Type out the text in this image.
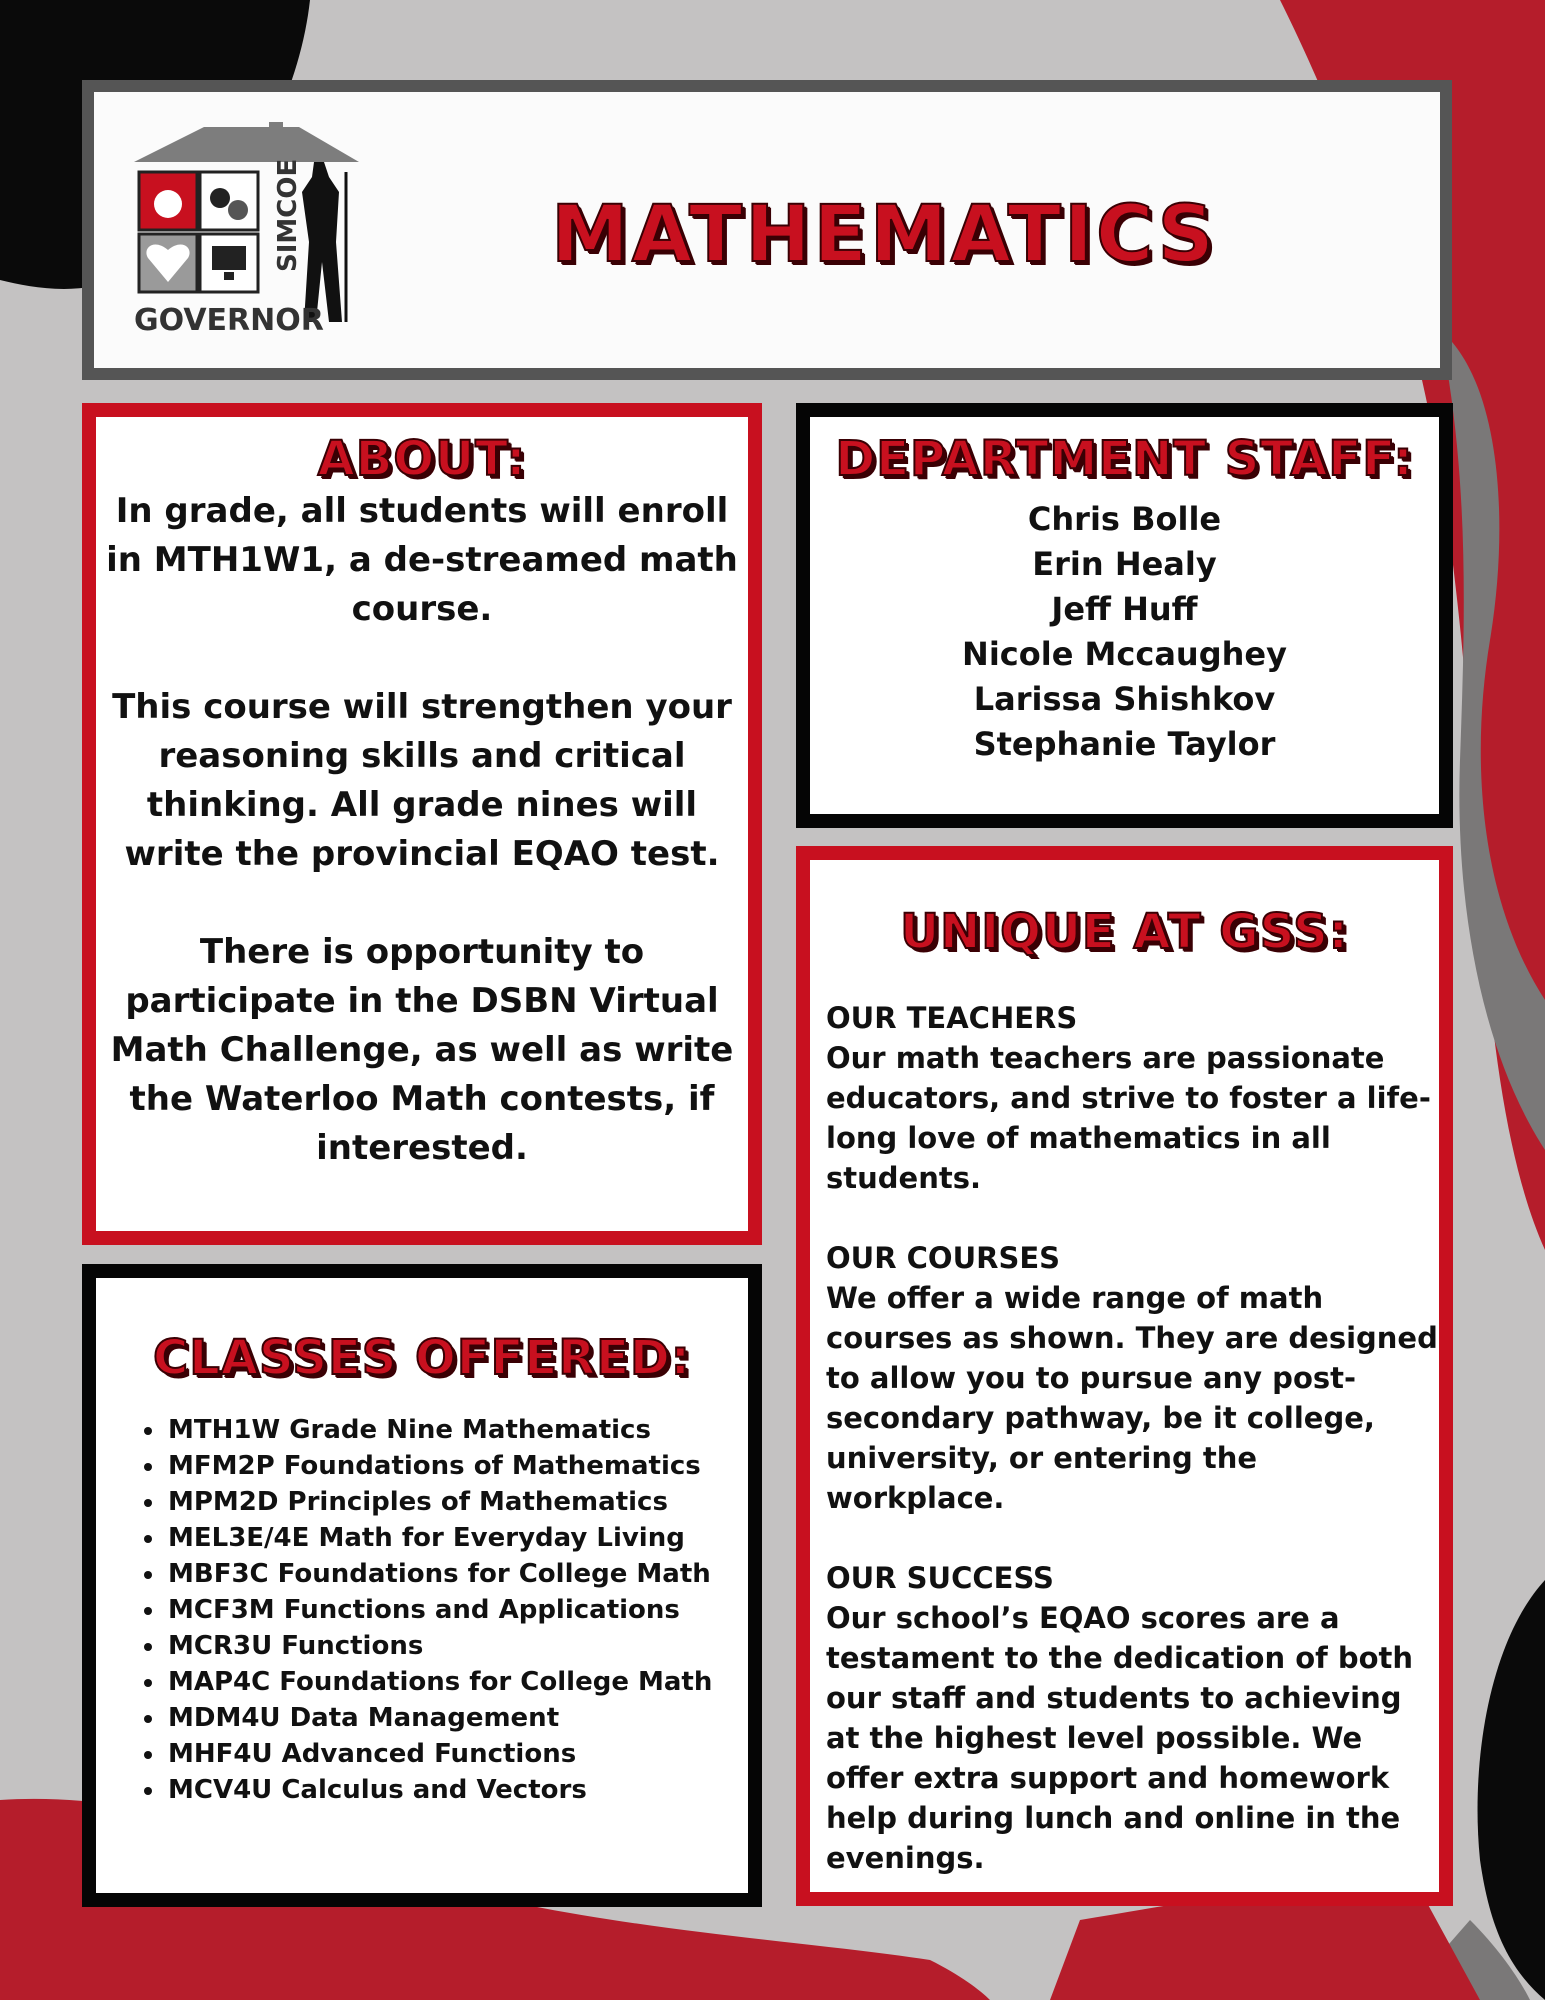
SIMCOE
GOVERNOR
MATHEMATICS
ABOUT:

In grade, all students will enroll in MTH1W1, a de-streamed math course.

This course will strengthen your reasoning skills and critical thinking. All grade nines will write the provincial EQAO test.

There is opportunity to participate in the DSBN Virtual Math Challenge, as well as write the Waterloo Math contests, if interested.

DEPARTMENT STAFF:
Chris Bolle
Erin Healy
Jeff Huff
Nicole Mccaughey
Larissa Shishkov
Stephanie Taylor
UNIQUE AT GSS:
OUR TEACHERS
Our math teachers are passionate educators, and strive to foster a life-long love of mathematics in all students.
OUR COURSES
We offer a wide range of math courses as shown. They are designed to allow you to pursue any post-secondary pathway, be it college, university, or entering the workplace.
OUR SUCCESS
Our school’s EQAO scores are a testament to the dedication of both our staff and students to achieving at the highest level possible. We offer extra support and homework help during lunch and online in the evenings.
CLASSES OFFERED:
• MTH1W Grade Nine Mathematics
• MFM2P Foundations of Mathematics
• MPM2D Principles of Mathematics
• MEL3E/4E Math for Everyday Living
• MBF3C Foundations for College Math
• MCF3M Functions and Applications
• MCR3U Functions
• MAP4C Foundations for College Math
• MDM4U Data Management
• MHF4U Advanced Functions
• MCV4U Calculus and Vectors
